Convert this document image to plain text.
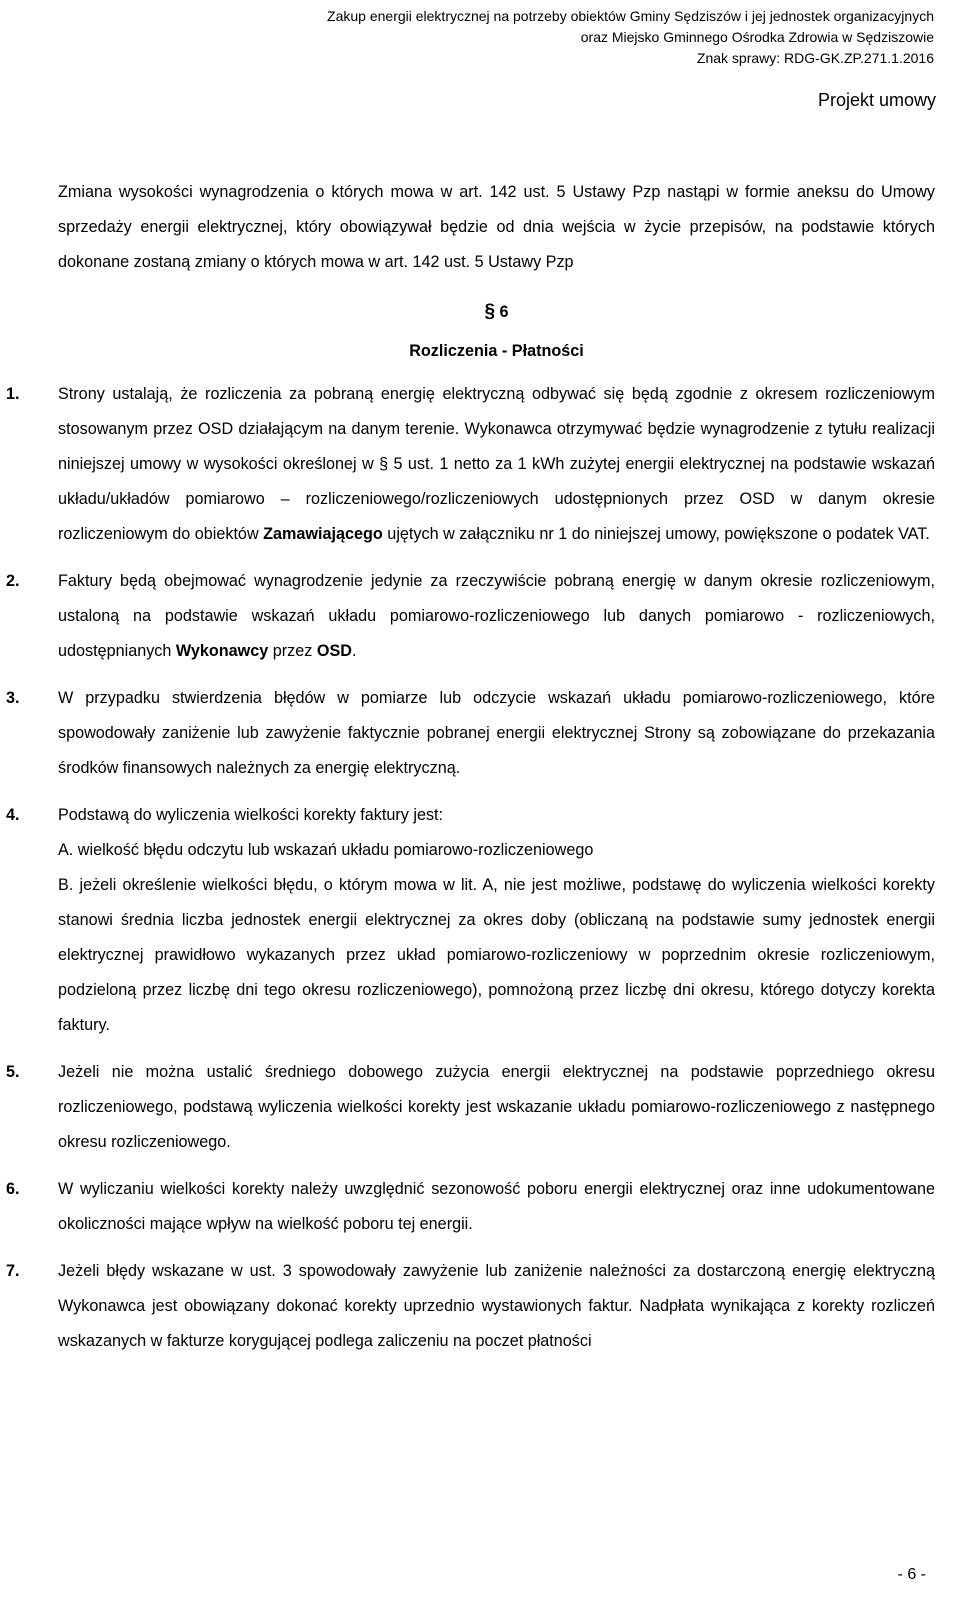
Zakup energii elektrycznej na potrzeby obiektów Gminy Sędziszów i jej jednostek organizacyjnych
oraz Miejsko Gminnego Ośrodka Zdrowia w Sędziszowie
Znak sprawy: RDG-GK.ZP.271.1.2016
Projekt umowy

Zmiana wysokości wynagrodzenia o których mowa w art. 142 ust. 5 Ustawy Pzp nastąpi w formie aneksu do Umowy sprzedaży energii elektrycznej, który obowiązywał będzie od dnia wejścia w życie przepisów, na podstawie których dokonane zostaną zmiany o których mowa w art. 142 ust. 5 Ustawy Pzp

§ 6
Rozliczenia - Płatności
1. Strony ustalają, że rozliczenia za pobraną energię elektryczną odbywać się będą zgodnie z okresem rozliczeniowym stosowanym przez OSD działającym na danym terenie. Wykonawca otrzymywać będzie wynagrodzenie z tytułu realizacji niniejszej umowy w wysokości określonej w § 5 ust. 1 netto za 1 kWh zużytej energii elektrycznej na podstawie wskazań układu/układów pomiarowo – rozliczeniowego/rozliczeniowych udostępnionych przez OSD w danym okresie rozliczeniowym do obiektów Zamawiającego ujętych w załączniku nr 1 do niniejszej umowy, powiększone o podatek VAT.
2. Faktury będą obejmować wynagrodzenie jedynie za rzeczywiście pobraną energię w danym okresie rozliczeniowym, ustaloną na podstawie wskazań układu pomiarowo-rozliczeniowego lub danych pomiarowo - rozliczeniowych, udostępnianych Wykonawcy przez OSD.
3. W przypadku stwierdzenia błędów w pomiarze lub odczycie wskazań układu pomiarowo-rozliczeniowego, które spowodowały zaniżenie lub zawyżenie faktycznie pobranej energii elektrycznej Strony są zobowiązane do przekazania środków finansowych należnych za energię elektryczną.
4. Podstawą do wyliczenia wielkości korekty faktury jest:
A. wielkość błędu odczytu lub wskazań układu pomiarowo-rozliczeniowego
B. jeżeli określenie wielkości błędu, o którym mowa w lit. A, nie jest możliwe, podstawę do wyliczenia wielkości korekty stanowi średnia liczba jednostek energii elektrycznej za okres doby (obliczaną na podstawie sumy jednostek energii elektrycznej prawidłowo wykazanych przez układ pomiarowo-rozliczeniowy w poprzednim okresie rozliczeniowym, podzieloną przez liczbę dni tego okresu rozliczeniowego), pomnożoną przez liczbę dni okresu, którego dotyczy korekta faktury.
5. Jeżeli nie można ustalić średniego dobowego zużycia energii elektrycznej na podstawie poprzedniego okresu rozliczeniowego, podstawą wyliczenia wielkości korekty jest wskazanie układu pomiarowo-rozliczeniowego z następnego okresu rozliczeniowego.
6. W wyliczaniu wielkości korekty należy uwzględnić sezonowość poboru energii elektrycznej oraz inne udokumentowane okoliczności mające wpływ na wielkość poboru tej energii.
7. Jeżeli błędy wskazane w ust. 3 spowodowały zawyżenie lub zaniżenie należności za dostarczoną energię elektryczną Wykonawca jest obowiązany dokonać korekty uprzednio wystawionych faktur. Nadpłata wynikająca z korekty rozliczeń wskazanych w fakturze korygującej podlega zaliczeniu na poczet płatności
- 6 -
